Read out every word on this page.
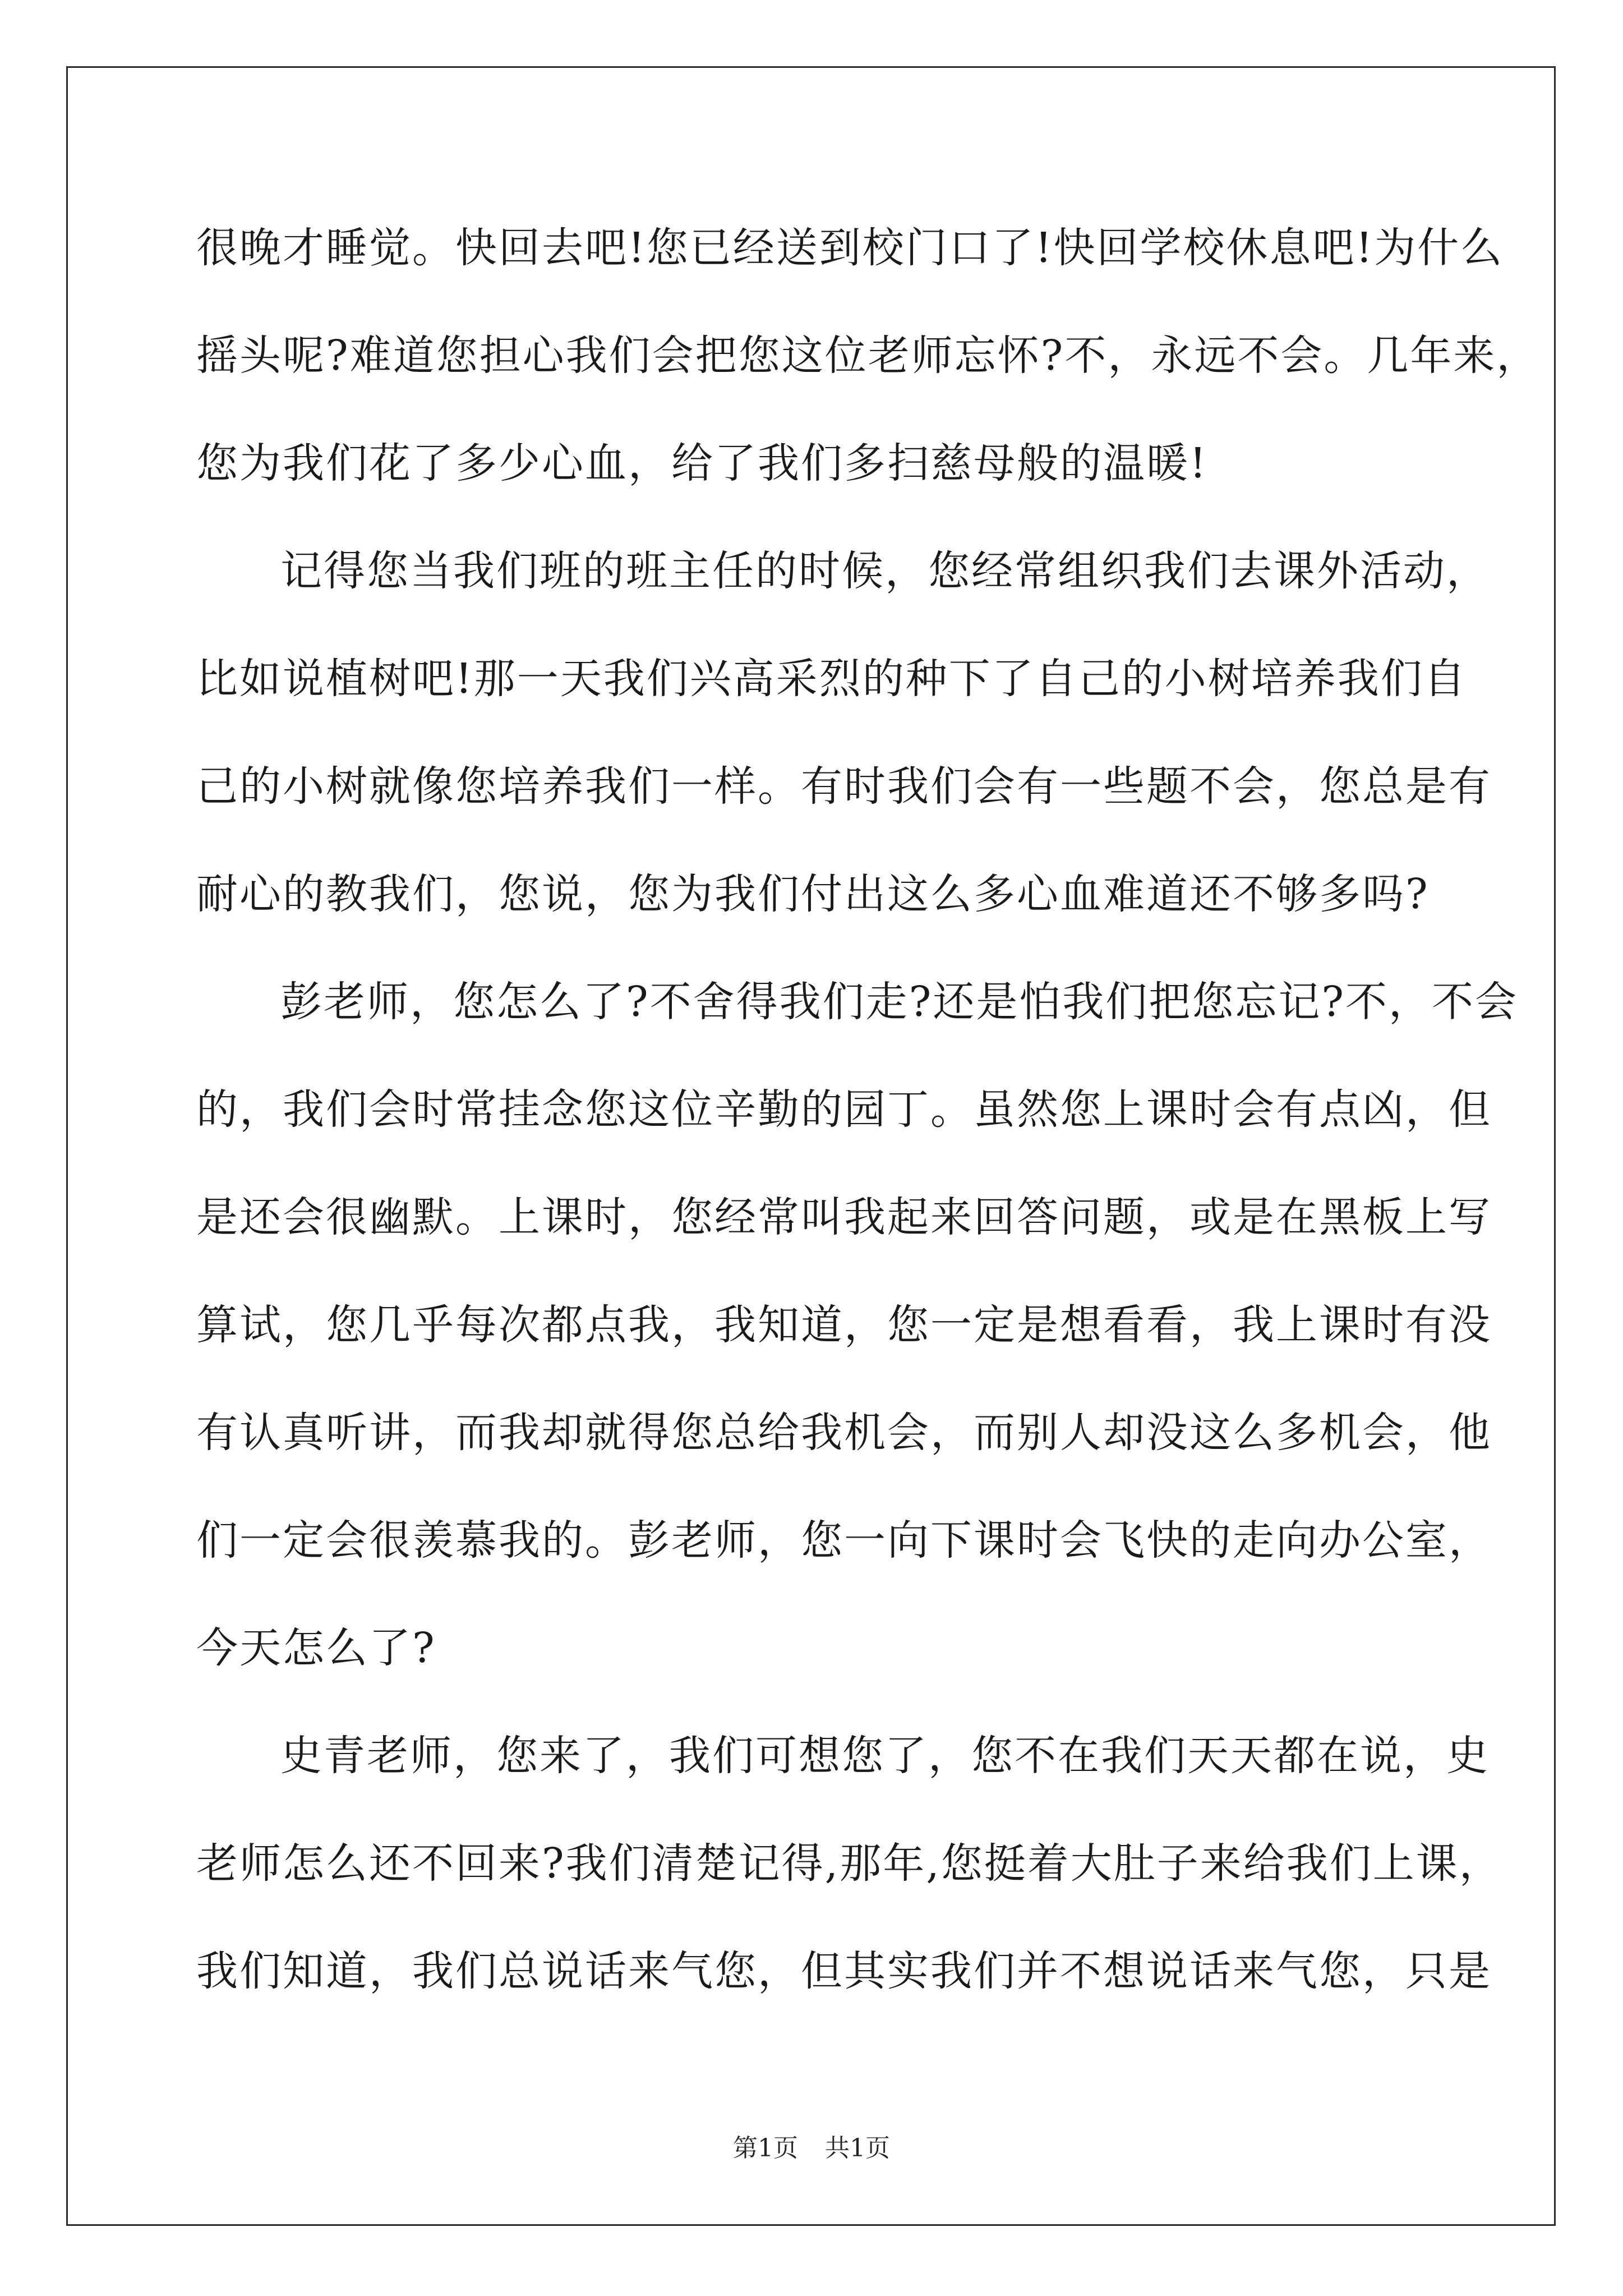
很晚才睡觉。快回去吧!您已经送到校门口了!快回学校休息吧!为什么
摇头呢?难道您担心我们会把您这位老师忘怀?不，永远不会。几年来，
您为我们花了多少心血，给了我们多扫慈母般的温暖!
记得您当我们班的班主任的时候，您经常组织我们去课外活动，
比如说植树吧!那一天我们兴高采烈的种下了自己的小树培养我们自
己的小树就像您培养我们一样。有时我们会有一些题不会，您总是有
耐心的教我们，您说，您为我们付出这么多心血难道还不够多吗?
彭老师，您怎么了?不舍得我们走?还是怕我们把您忘记?不，不会
的，我们会时常挂念您这位辛勤的园丁。虽然您上课时会有点凶，但
是还会很幽默。上课时，您经常叫我起来回答问题，或是在黑板上写
算试，您几乎每次都点我，我知道，您一定是想看看，我上课时有没
有认真听讲，而我却就得您总给我机会，而别人却没这么多机会，他
们一定会很羡慕我的。彭老师，您一向下课时会飞快的走向办公室，
今天怎么了?
史青老师，您来了，我们可想您了，您不在我们天天都在说，史
老师怎么还不回来?我们清楚记得,那年,您挺着大肚子来给我们上课，
我们知道，我们总说话来气您，但其实我们并不想说话来气您，只是
第1页 共1页
